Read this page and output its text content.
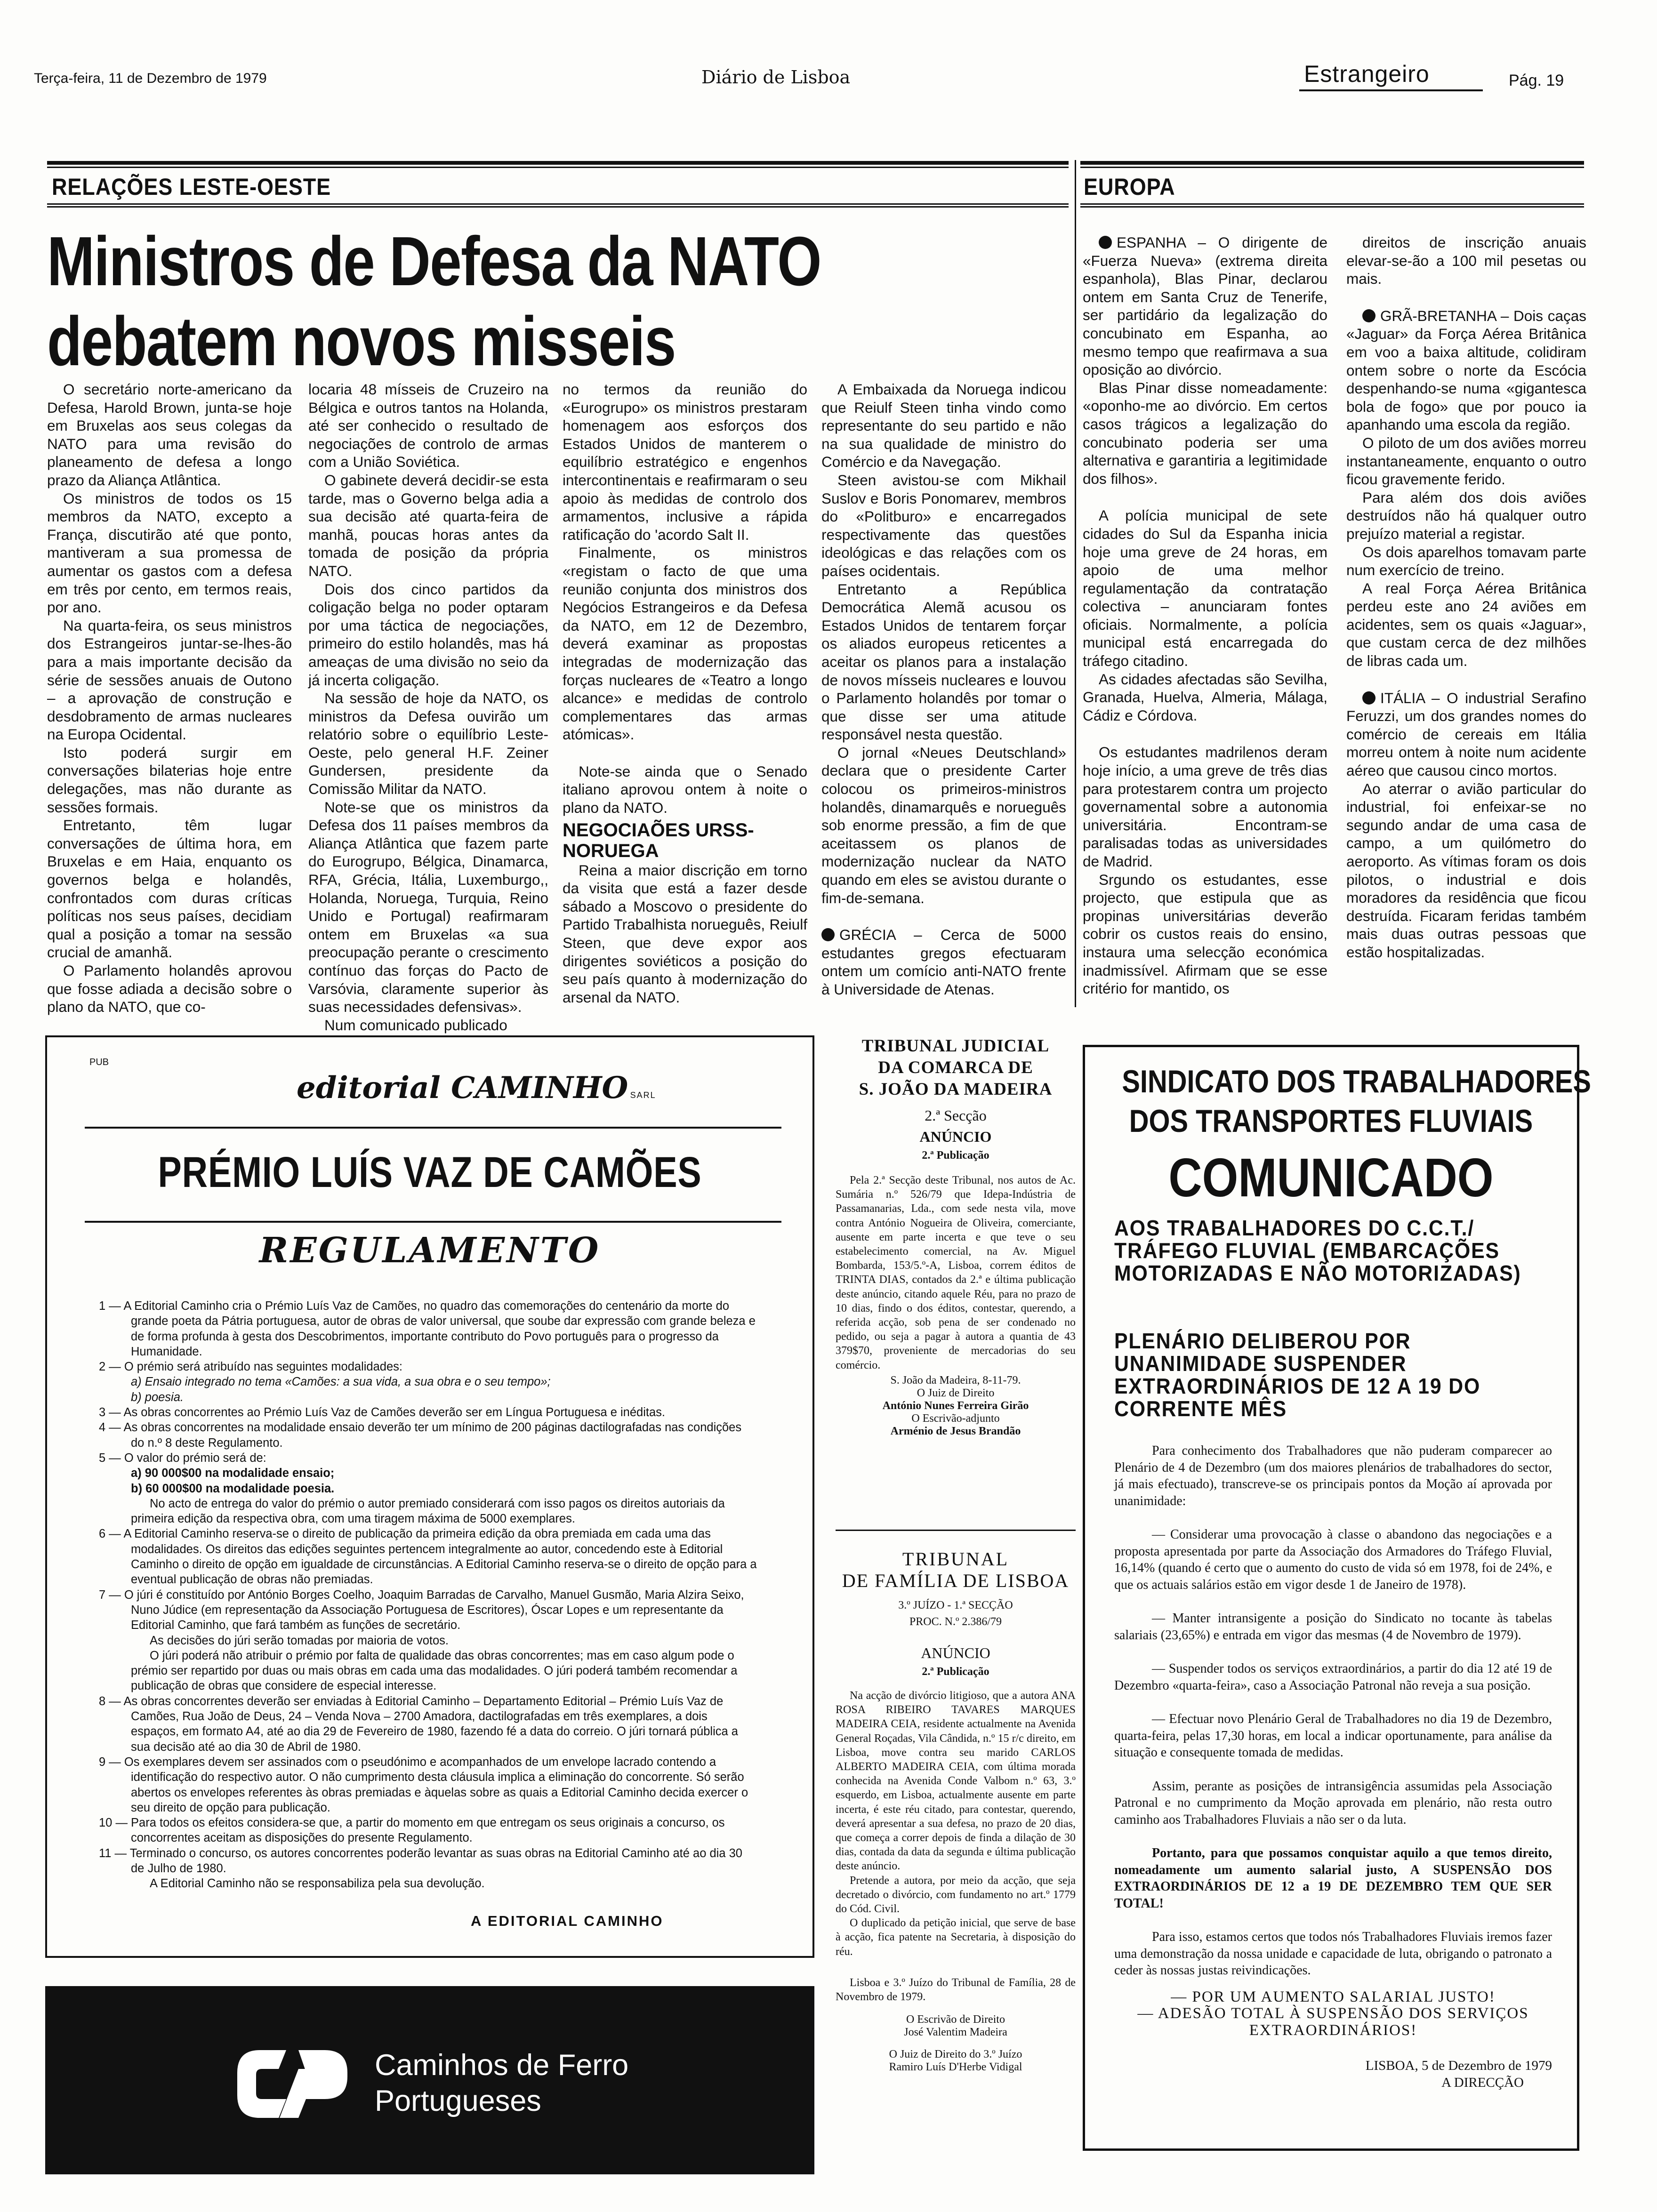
Terça-feira, 11 de Dezembro de 1979	Diário de Lisboa	Estrangeiro	Pág. 19
RELAÇÕES LESTE-OESTE
Ministros de Defesa da NATO
debatem novos misseis

O secretário norte-americano da Defesa, Harold Brown, junta-se hoje em Bruxelas aos seus colegas da NATO para uma revisão do planeamento de defesa a longo prazo da Aliança Atlântica.

Os ministros de todos os 15 membros da NATO, excepto a França, discutirão até que ponto, mantiveram a sua promessa de aumentar os gastos com a defesa em três por cento, em termos reais, por ano.

Na quarta-feira, os seus ministros dos Estrangeiros juntar-se-lhes-ão para a mais importante decisão da série de sessões anuais de Outono – a aprovação de construção e desdobramento de armas nucleares na Europa Ocidental.

Isto poderá surgir em conversações bilaterias hoje entre delegações, mas não durante as sessões formais.

Entretanto, têm lugar conversações de última hora, em Bruxelas e em Haia, enquanto os governos belga e holandês, confrontados com duras críticas políticas nos seus países, decidiam qual a posição a tomar na sessão crucial de amanhã.

O Parlamento holandês aprovou que fosse adiada a decisão sobre o plano da NATO, que co-

locaria 48 mísseis de Cruzeiro na Bélgica e outros tantos na Holanda, até ser conhecido o resultado de negociações de controlo de armas com a União Soviética.

O gabinete deverá decidir-se esta tarde, mas o Governo belga adia a sua decisão até quarta-feira de manhã, poucas horas antes da tomada de posição da própria NATO.

Dois dos cinco partidos da coligação belga no poder optaram por uma táctica de negociações, primeiro do estilo holandês, mas há ameaças de uma divisão no seio da já incerta coligação.

Na sessão de hoje da NATO, os ministros da Defesa ouvirão um relatório sobre o equilíbrio Leste-Oeste, pelo general H.F. Zeiner Gundersen, presidente da Comissão Militar da NATO.

Note-se que os ministros da Defesa dos 11 países membros da Aliança Atlântica que fazem parte do Eurogrupo, Bélgica, Dinamarca, RFA, Grécia, Itália, Luxemburgo,, Holanda, Noruega, Turquia, Reino Unido e Portugal) reafirmaram ontem em Bruxelas «a sua preocupação perante o crescimento contínuo das forças do Pacto de Varsóvia, claramente superior às suas necessidades defensivas».

Num comunicado publicado

no termos da reunião do «Eurogrupo» os ministros prestaram homenagem aos esforços dos Estados Unidos de manterem o equilíbrio estratégico e engenhos intercontinentais e reafirmaram o seu apoio às medidas de controlo dos armamentos, inclusive a rápida ratificação do 'acordo Salt II.

Finalmente, os ministros «registam o facto de que uma reunião conjunta dos ministros dos Negócios Estrangeiros e da Defesa da NATO, em 12 de Dezembro, deverá examinar as propostas integradas de modernização das forças nucleares de «Teatro a longo alcance» e medidas de controlo complementares das armas atómicas».

Note-se ainda que o Senado italiano aprovou ontem à noite o plano da NATO.

NEGOCIAÕES URSS-NORUEGA

Reina a maior discrição em torno da visita que está a fazer desde sábado a Moscovo o presidente do Partido Trabalhista norueguês, Reiulf Steen, que deve expor aos dirigentes soviéticos a posição do seu país quanto à modernização do arsenal da NATO.

A Embaixada da Noruega indicou que Reiulf Steen tinha vindo como representante do seu partido e não na sua qualidade de ministro do Comércio e da Navegação.

Steen avistou-se com Mikhail Suslov e Boris Ponomarev, membros do «Politburo» e encarregados respectivamente das questões ideológicas e das relações com os países ocidentais.

Entretanto a República Democrática Alemã acusou os Estados Unidos de tentarem forçar os aliados europeus reticentes a aceitar os planos para a instalação de novos mísseis nucleares e louvou o Parlamento holandês por tomar o que disse ser uma atitude responsável nesta questão.

O jornal «Neues Deutschland» declara que o presidente Carter colocou os primeiros-ministros holandês, dinamarquês e norueguês sob enorme pressão, a fim de que aceitassem os planos de modernização nuclear da NATO quando em eles se avistou durante o fim-de-semana.

GRÉCIA – Cerca de 5000 estudantes gregos efectuaram ontem um comício anti-NATO frente à Universidade de Atenas.

EUROPA

ESPANHA – O dirigente de «Fuerza Nueva» (extrema direita espanhola), Blas Pinar, declarou ontem em Santa Cruz de Tenerife, ser partidário da legalização do concubinato em Espanha, ao mesmo tempo que reafirmava a sua oposição ao divórcio.

Blas Pinar disse nomeadamente: «oponho-me ao divórcio. Em certos casos trágicos a legalização do concubinato poderia ser uma alternativa e garantiria a legitimidade dos filhos».

A polícia municipal de sete cidades do Sul da Espanha inicia hoje uma greve de 24 horas, em apoio de uma melhor regulamentação da contratação colectiva – anunciaram fontes oficiais. Normalmente, a polícia municipal está encarregada do tráfego citadino.

As cidades afectadas são Sevilha, Granada, Huelva, Almeria, Málaga, Cádiz e Córdova.

Os estudantes madrilenos deram hoje início, a uma greve de três dias para protestarem contra um projecto governamental sobre a autonomia universitária. Encontram-se paralisadas todas as universidades de Madrid.

Srgundo os estudantes, esse projecto, que estipula que as propinas universitárias deverão cobrir os custos reais do ensino, instaura uma selecção económica inadmissível. Afirmam que se esse critério for mantido, os

direitos de inscrição anuais elevar-se-ão a 100 mil pesetas ou mais.

GRÃ-BRETANHA – Dois caças «Jaguar» da Força Aérea Britânica em voo a baixa altitude, colidiram ontem sobre o norte da Escócia despenhando-se numa «gigantesca bola de fogo» que por pouco ia apanhando uma escola da região.

O piloto de um dos aviões morreu instantaneamente, enquanto o outro ficou gravemente ferido.

Para além dos dois aviões destruídos não há qualquer outro prejuízo material a registar.

Os dois aparelhos tomavam parte num exercício de treino.

A real Força Aérea Britânica perdeu este ano 24 aviões em acidentes, sem os quais «Jaguar», que custam cerca de dez milhões de libras cada um.

ITÁLIA – O industrial Serafino Feruzzi, um dos grandes nomes do comércio de cereais em Itália morreu ontem à noite num acidente aéreo que causou cinco mortos.

Ao aterrar o avião particular do industrial, foi enfeixar-se no segundo andar de uma casa de campo, a um quilómetro do aeroporto. As vítimas foram os dois pilotos, o industrial e dois moradores da residência que ficou destruída. Ficaram feridas também mais duas outras pessoas que estão hospitalizadas.

PUB
editorial CAMINHO SARL
PRÉMIO LUÍS VAZ DE CAMÕES
REGULAMENTO

1 — A Editorial Caminho cria o Prémio Luís Vaz de Camões, no quadro das comemorações do centenário da morte do grande poeta da Pátria portuguesa, autor de obras de valor universal, que soube dar expressão com grande beleza e de forma profunda à gesta dos Descobrimentos, importante contributo do Povo português para o progresso da Humanidade.

2 — O prémio será atribuído nas seguintes modalidades:

a) Ensaio integrado no tema «Camões: a sua vida, a sua obra e o seu tempo»;

b) poesia.

3 — As obras concorrentes ao Prémio Luís Vaz de Camões deverão ser em Língua Portuguesa e inéditas.

4 — As obras concorrentes na modalidade ensaio deverão ter um mínimo de 200 páginas dactilografadas nas condições do n.º 8 deste Regulamento.

5 — O valor do prémio será de:

a) 90 000$00 na modalidade ensaio;

b) 60 000$00 na modalidade poesia.

No acto de entrega do valor do prémio o autor premiado considerará com isso pagos os direitos autoriais da primeira edição da respectiva obra, com uma tiragem máxima de 5000 exemplares.

6 — A Editorial Caminho reserva-se o direito de publicação da primeira edição da obra premiada em cada uma das modalidades. Os direitos das edições seguintes pertencem integralmente ao autor, concedendo este à Editorial Caminho o direito de opção em igualdade de circunstâncias. A Editorial Caminho reserva-se o direito de opção para a eventual publicação de obras não premiadas.

7 — O júri é constituído por António Borges Coelho, Joaquim Barradas de Carvalho, Manuel Gusmão, Maria Alzira Seixo, Nuno Júdice (em representação da Associação Portuguesa de Escritores), Óscar Lopes e um representante da Editorial Caminho, que fará também as funções de secretário.

As decisões do júri serão tomadas por maioria de votos.

O júri poderá não atribuir o prémio por falta de qualidade das obras concorrentes; mas em caso algum pode o prémio ser repartido por duas ou mais obras em cada uma das modalidades. O júri poderá também recomendar a publicação de obras que considere de especial interesse.

8 — As obras concorrentes deverão ser enviadas à Editorial Caminho – Departamento Editorial – Prémio Luís Vaz de Camões, Rua João de Deus, 24 – Venda Nova – 2700 Amadora, dactilografadas em três exemplares, a dois espaços, em formato A4, até ao dia 29 de Fevereiro de 1980, fazendo fé a data do correio. O júri tornará pública a sua decisão até ao dia 30 de Abril de 1980.

9 — Os exemplares devem ser assinados com o pseudónimo e acompanhados de um envelope lacrado contendo a identificação do respectivo autor. O não cumprimento desta cláusula implica a eliminação do concorrente. Só serão abertos os envelopes referentes às obras premiadas e àquelas sobre as quais a Editorial Caminho decida exercer o seu direito de opção para publicação.

10 — Para todos os efeitos considera-se que, a partir do momento em que entregam os seus originais a concurso, os concorrentes aceitam as disposições do presente Regulamento.

11 — Terminado o concurso, os autores concorrentes poderão levantar as suas obras na Editorial Caminho até ao dia 30 de Julho de 1980.

A Editorial Caminho não se responsabiliza pela sua devolução.

A EDITORIAL CAMINHO
Caminhos de Ferro
Portugueses
TRIBUNAL JUDICIAL
DA COMARCA DE
S. JOÃO DA MADEIRA
2.ª Secção
ANÚNCIO
2.ª Publicação

Pela 2.ª Secção deste Tribunal, nos autos de Ac. Sumária n.º 526/79 que Idepa-Indústria de Passamanarias, Lda., com sede nesta vila, move contra António Nogueira de Oliveira, comerciante, ausente em parte incerta e que teve o seu estabelecimento comercial, na Av. Miguel Bombarda, 153/5.º-A, Lisboa, correm éditos de TRINTA DIAS, contados da 2.ª e última publicação deste anúncio, citando aquele Réu, para no prazo de 10 dias, findo o dos éditos, contestar, querendo, a referida acção, sob pena de ser condenado no pedido, ou seja a pagar à autora a quantia de 43 379$70, proveniente de mercadorias do seu comércio.

S. João da Madeira, 8-11-79.
O Juiz de Direito
António Nunes Ferreira Girão
O Escrivão-adjunto
Arménio de Jesus Brandão
TRIBUNAL
DE FAMÍLIA DE LISBOA
3.º JUÍZO - 1.ª SECÇÃO
PROC. N.º 2.386/79
ANÚNCIO
2.ª Publicação

Na acção de divórcio litigioso, que a autora ANA ROSA RIBEIRO TAVARES MARQUES MADEIRA CEIA, residente actualmente na Avenida General Roçadas, Vila Cândida, n.º 15 r/c direito, em Lisboa, move contra seu marido CARLOS ALBERTO MADEIRA CEIA, com última morada conhecida na Avenida Conde Valbom n.º 63, 3.º esquerdo, em Lisboa, actualmente ausente em parte incerta, é este réu citado, para contestar, querendo, deverá apresentar a sua defesa, no prazo de 20 dias, que começa a correr depois de finda a dilação de 30 dias, contada da data da segunda e última publicação deste anúncio.

Pretende a autora, por meio da acção, que seja decretado o divórcio, com fundamento no art.º 1779 do Cód. Civil.

O duplicado da petição inicial, que serve de base à acção, fica patente na Secretaria, à disposição do réu.

Lisboa e 3.º Juízo do Tribunal de Família, 28 de Novembro de 1979.

O Escrivão de Direito
José Valentim Madeira
O Juiz de Direito do 3.º Juízo
Ramiro Luís D'Herbe Vidigal
SINDICATO DOS TRABALHADORES
DOS TRANSPORTES FLUVIAIS
COMUNICADO
AOS TRABALHADORES DO C.C.T./ TRÁFEGO FLUVIAL (EMBARCAÇÕES MOTORIZADAS E NÃO MOTORIZADAS)
PLENÁRIO DELIBEROU POR UNANIMIDADE SUSPENDER EXTRAORDINÁRIOS DE 12 A 19 DO CORRENTE MÊS

Para conhecimento dos Trabalhadores que não puderam comparecer ao Plenário de 4 de Dezembro (um dos maiores plenários de trabalhadores do sector, já mais efectuado), transcreve-se os principais pontos da Moção aí aprovada por unanimidade:

— Considerar uma provocação à classe o abandono das negociações e a proposta apresentada por parte da Associação dos Armadores do Tráfego Fluvial, 16,14% (quando é certo que o aumento do custo de vida só em 1978, foi de 24%, e que os actuais salários estão em vigor desde 1 de Janeiro de 1978).

— Manter intransigente a posição do Sindicato no tocante às tabelas salariais (23,65%) e entrada em vigor das mesmas (4 de Novembro de 1979).

— Suspender todos os serviços extraordinários, a partir do dia 12 até 19 de Dezembro «quarta-feira», caso a Associação Patronal não reveja a sua posição.

— Efectuar novo Plenário Geral de Trabalhadores no dia 19 de Dezembro, quarta-feira, pelas 17,30 horas, em local a indicar oportunamente, para análise da situação e consequente tomada de medidas.

Assim, perante as posições de intransigência assumidas pela Associação Patronal e no cumprimento da Moção aprovada em plenário, não resta outro caminho aos Trabalhadores Fluviais a não ser o da luta.

Portanto, para que possamos conquistar aquilo a que temos direito, nomeadamente um aumento salarial justo, A SUSPENSÃO DOS EXTRAORDINÁRIOS DE 12 a 19 DE DEZEMBRO TEM QUE SER TOTAL!

Para isso, estamos certos que todos nós Trabalhadores Fluviais iremos fazer uma demonstração da nossa unidade e capacidade de luta, obrigando o patronato a ceder às nossas justas reivindicações.

— POR UM AUMENTO SALARIAL JUSTO!
— ADESÃO TOTAL À SUSPENSÃO DOS SERVIÇOS EXTRAORDINÁRIOS!
LISBOA, 5 de Dezembro de 1979
A DIRECÇÃO
